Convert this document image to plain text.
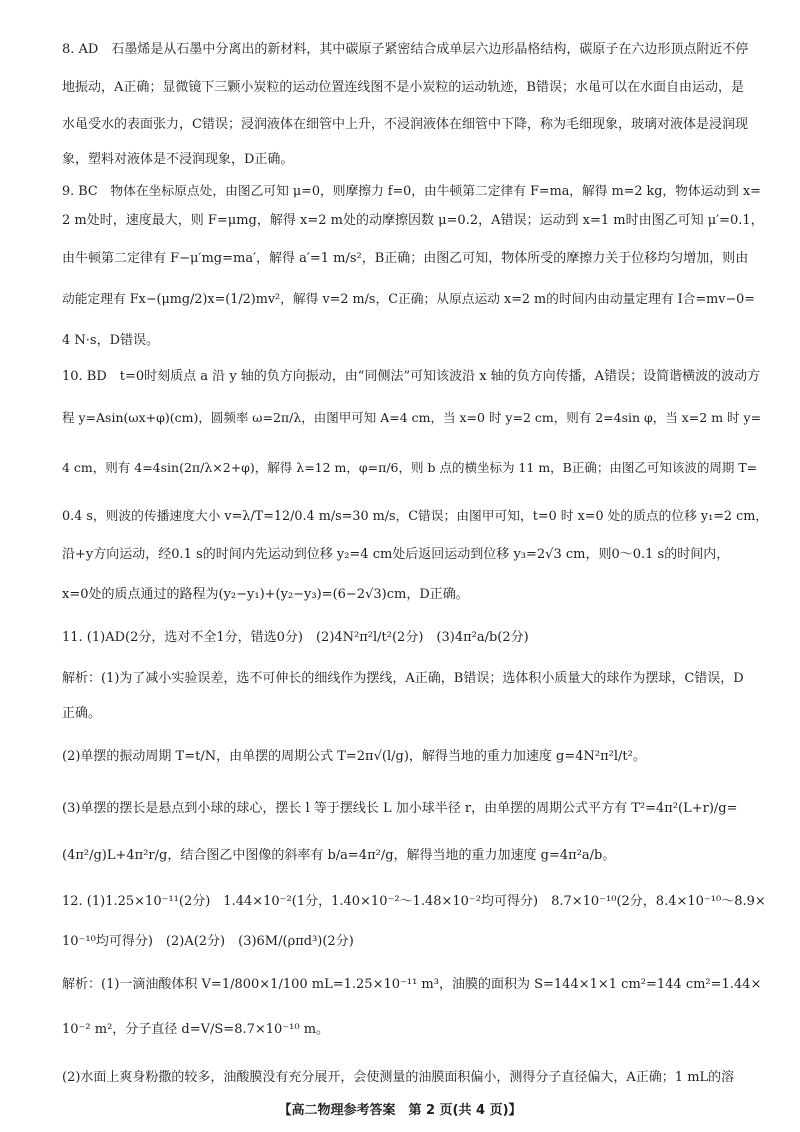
8. AD　石墨烯是从石墨中分离出的新材料，其中碳原子紧密结合成单层六边形晶格结构，碳原子在六边形顶点附近不停
地振动，A正确；显微镜下三颗小炭粒的运动位置连线图不是小炭粒的运动轨迹，B错误；水黾可以在水面自由运动，是
水黾受水的表面张力，C错误；浸润液体在细管中上升，不浸润液体在细管中下降，称为毛细现象，玻璃对液体是浸润现
象，塑料对液体是不浸润现象，D正确。
9. BC　物体在坐标原点处，由图乙可知 μ=0，则摩擦力 f=0，由牛顿第二定律有 F=ma，解得 m=2 kg，物体运动到 x=
2 m处时，速度最大，则 F=μmg，解得 x=2 m处的动摩擦因数 μ=0.2，A错误；运动到 x=1 m时由图乙可知 μ′=0.1，
由牛顿第二定律有 F−μ′mg=ma′，解得 a′=1 m/s²，B正确；由图乙可知，物体所受的摩擦力关于位移均匀增加，则由
动能定理有 Fx−(μmg/2)x=(1/2)mv²，解得 v=2 m/s，C正确；从原点运动 x=2 m的时间内由动量定理有 I合=mv−0=
4 N·s，D错误。
10. BD　t=0时刻质点 a 沿 y 轴的负方向振动，由“同侧法”可知该波沿 x 轴的负方向传播，A错误；设简谐横波的波动方
程 y=Asin(ωx+φ)(cm)，圆频率 ω=2π/λ，由图甲可知 A=4 cm，当 x=0 时 y=2 cm，则有 2=4sin φ，当 x=2 m 时 y=
4 cm，则有 4=4sin(2π/λ×2+φ)，解得 λ=12 m，φ=π/6，则 b 点的横坐标为 11 m，B正确；由图乙可知该波的周期 T=
0.4 s，则波的传播速度大小 v=λ/T=12/0.4 m/s=30 m/s，C错误；由图甲可知，t=0 时 x=0 处的质点的位移 y₁=2 cm，
沿+y方向运动，经0.1 s的时间内先运动到位移 y₂=4 cm处后返回运动到位移 y₃=2√3 cm，则0～0.1 s的时间内，
x=0处的质点通过的路程为(y₂−y₁)+(y₂−y₃)=(6−2√3)cm，D正确。
11. (1)AD(2分，选对不全1分，错选0分)　(2)4N²π²l/t²(2分)　(3)4π²a/b(2分)
解析：(1)为了减小实验误差，选不可伸长的细线作为摆线，A正确，B错误；选体积小质量大的球作为摆球，C错误，D
正确。
(2)单摆的振动周期 T=t/N，由单摆的周期公式 T=2π√(l/g)，解得当地的重力加速度 g=4N²π²l/t²。
(3)单摆的摆长是悬点到小球的球心，摆长 l 等于摆线长 L 加小球半径 r，由单摆的周期公式平方有 T²=4π²(L+r)/g=
(4π²/g)L+4π²r/g，结合图乙中图像的斜率有 b/a=4π²/g，解得当地的重力加速度 g=4π²a/b。
12. (1)1.25×10⁻¹¹(2分)　1.44×10⁻²(1分，1.40×10⁻²～1.48×10⁻²均可得分)　8.7×10⁻¹⁰(2分，8.4×10⁻¹⁰～8.9×
10⁻¹⁰均可得分)　(2)A(2分)　(3)6M/(ρπd³)(2分)
解析：(1)一滴油酸体积 V=1/800×1/100 mL=1.25×10⁻¹¹ m³，油膜的面积为 S=144×1×1 cm²=144 cm²=1.44×
10⁻² m²，分子直径 d=V/S=8.7×10⁻¹⁰ m。
(2)水面上爽身粉撒的较多，油酸膜没有充分展开，会使测量的油膜面积偏小，测得分子直径偏大，A正确；1 mL的溶
【高二物理参考答案　第 2 页(共 4 页)】
